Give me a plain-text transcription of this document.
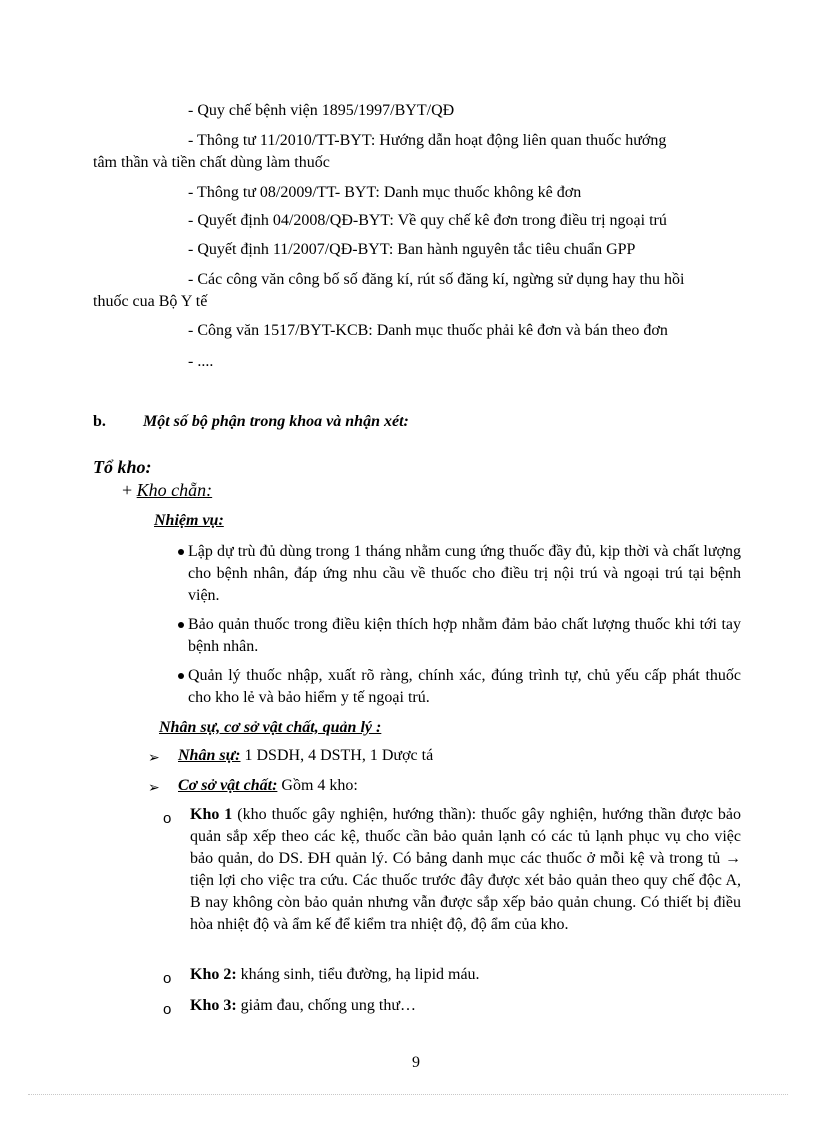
- Quy chế bệnh viện 1895/1997/BYT/QĐ
- Thông tư 11/2010/TT-BYT: Hướng dẫn hoạt động liên quan thuốc hướng
tâm thần và tiền chất dùng làm thuốc
- Thông tư 08/2009/TT- BYT: Danh mục thuốc không kê đơn
- Quyết định 04/2008/QĐ-BYT: Về quy chế kê đơn trong điều trị ngoại trú
- Quyết định 11/2007/QĐ-BYT: Ban hành nguyên tắc tiêu chuẩn GPP
- Các công văn công bố số đăng kí, rút số đăng kí, ngừng sử dụng hay thu hồi
thuốc cua Bộ Y tế
- Công văn 1517/BYT-KCB: Danh mục thuốc phải kê đơn và bán theo đơn
- ....
b. Một số bộ phận trong khoa và nhận xét:
Tổ kho:
+ Kho chẵn:
Nhiệm vụ:
Lập dự trù đủ dùng trong 1 tháng nhằm cung ứng thuốc đầy đủ, kịp thời và chất lượng cho bệnh nhân, đáp ứng nhu cầu về thuốc cho điều trị nội trú và ngoại trú tại bệnh viện.
Bảo quản thuốc trong điều kiện thích hợp nhằm đảm bảo chất lượng thuốc khi tới tay bệnh nhân.
Quản lý thuốc nhập, xuất rõ ràng, chính xác, đúng trình tự, chủ yếu cấp phát thuốc cho kho lẻ và bảo hiểm y tế ngoại trú.
Nhân sự, cơ sở vật chất, quản lý :
➢ Nhân sự: 1 DSDH, 4 DSTH, 1 Dược tá
➢ Cơ sở vật chất: Gồm 4 kho:
o Kho 1 (kho thuốc gây nghiện, hướng thần): thuốc gây nghiện, hướng thần được bảo quản sắp xếp theo các kệ, thuốc cần bảo quản lạnh có các tủ lạnh phục vụ cho việc bảo quản, do DS. ĐH quản lý. Có bảng danh mục các thuốc ở mỗi kệ và trong tủ → tiện lợi cho việc tra cứu. Các thuốc trước đây được xét bảo quản theo quy chế độc A, B nay không còn bảo quản nhưng vẫn được sắp xếp bảo quản chung. Có thiết bị điều hòa nhiệt độ và ẩm kế để kiểm tra nhiệt độ, độ ẩm của kho.
o Kho 2: kháng sinh, tiểu đường, hạ lipid máu.
o Kho 3: giảm đau, chống ung thư…
9
